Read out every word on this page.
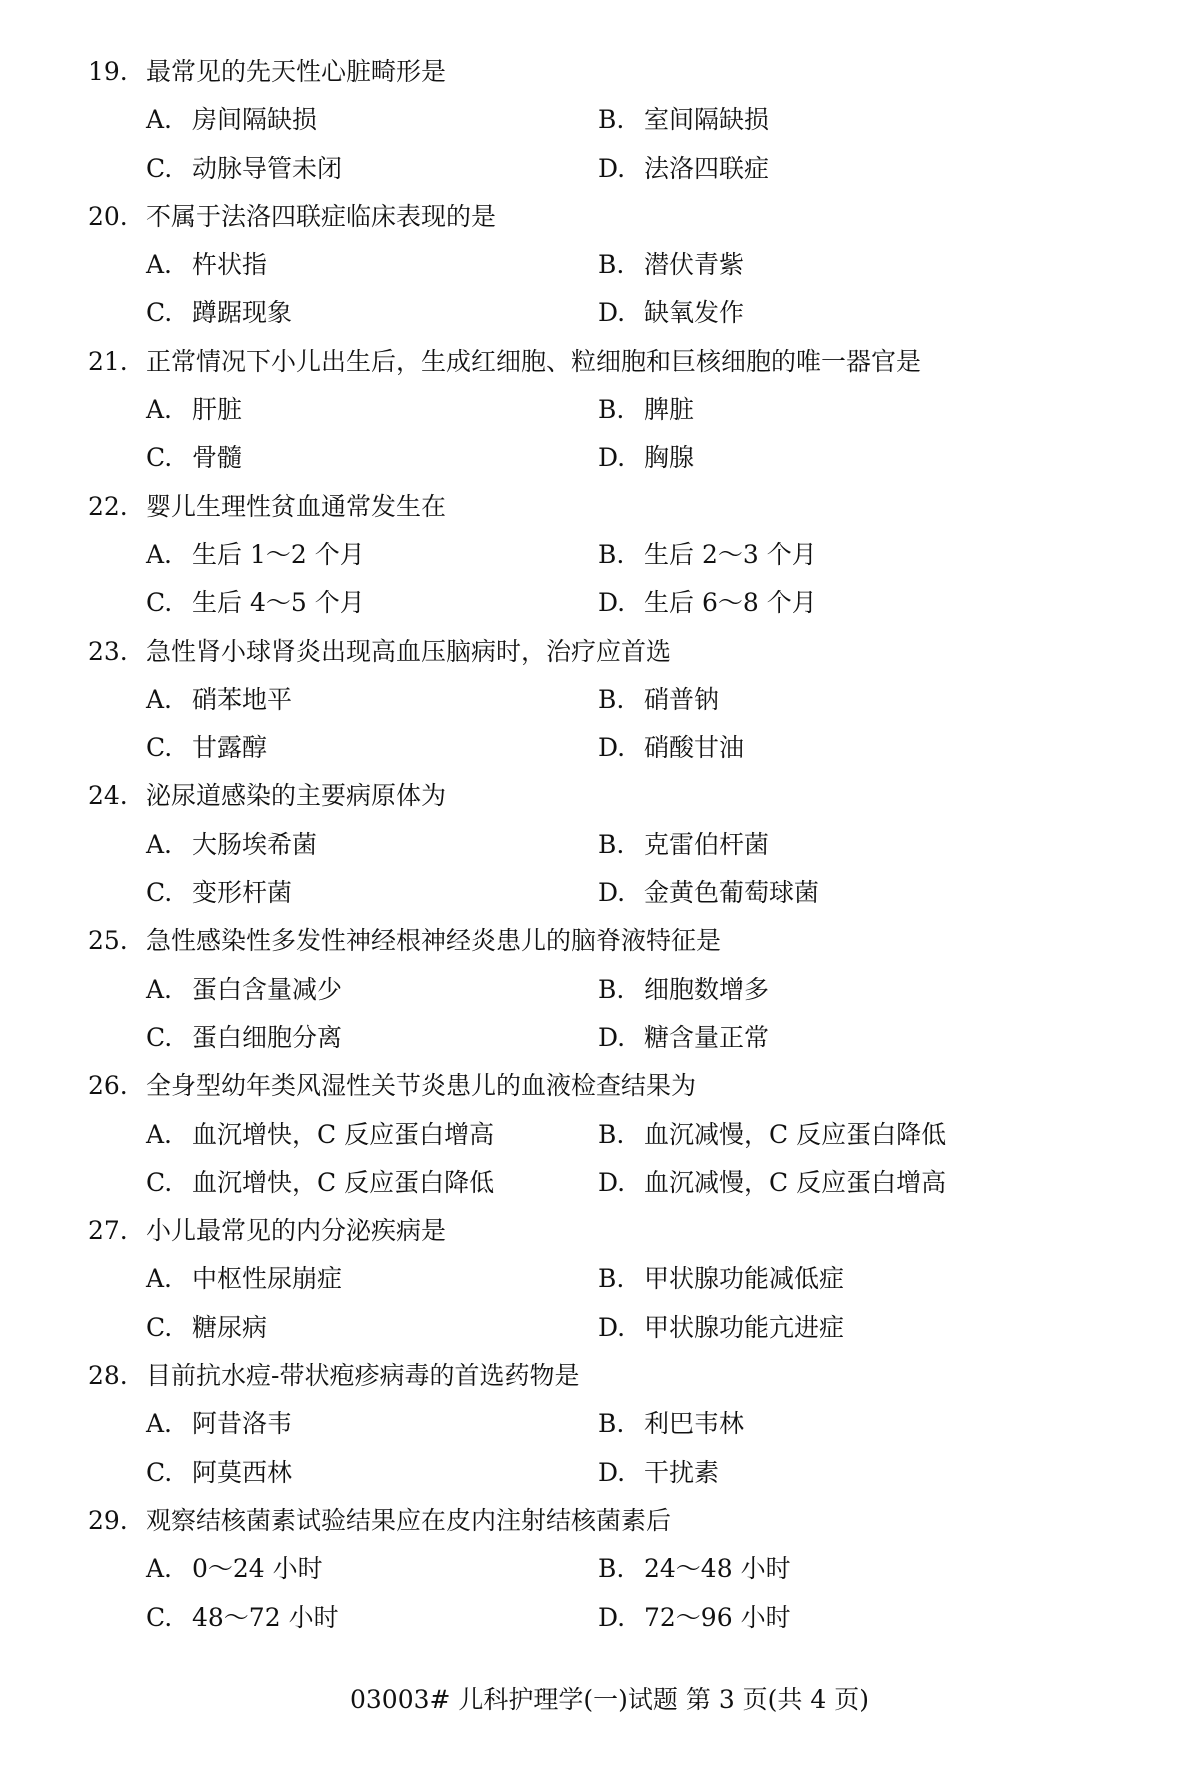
19. 最常见的先天性心脏畸形是
A. 房间隔缺损	B. 室间隔缺损
C. 动脉导管未闭	D. 法洛四联症
20. 不属于法洛四联症临床表现的是
A. 杵状指	B. 潜伏青紫
C. 蹲踞现象	D. 缺氧发作
21. 正常情况下小儿出生后，生成红细胞、粒细胞和巨核细胞的唯一器官是
A. 肝脏	B. 脾脏
C. 骨髓	D. 胸腺
22. 婴儿生理性贫血通常发生在
A. 生后 1～2 个月	B. 生后 2～3 个月
C. 生后 4～5 个月	D. 生后 6～8 个月
23. 急性肾小球肾炎出现高血压脑病时，治疗应首选
A. 硝苯地平	B. 硝普钠
C. 甘露醇	D. 硝酸甘油
24. 泌尿道感染的主要病原体为
A. 大肠埃希菌	B. 克雷伯杆菌
C. 变形杆菌	D. 金黄色葡萄球菌
25. 急性感染性多发性神经根神经炎患儿的脑脊液特征是
A. 蛋白含量减少	B. 细胞数增多
C. 蛋白细胞分离	D. 糖含量正常
26. 全身型幼年类风湿性关节炎患儿的血液检查结果为
A. 血沉增快，C 反应蛋白增高	B. 血沉减慢，C 反应蛋白降低
C. 血沉增快，C 反应蛋白降低	D. 血沉减慢，C 反应蛋白增高
27. 小儿最常见的内分泌疾病是
A. 中枢性尿崩症	B. 甲状腺功能减低症
C. 糖尿病	D. 甲状腺功能亢进症
28. 目前抗水痘-带状疱疹病毒的首选药物是
A. 阿昔洛韦	B. 利巴韦林
C. 阿莫西林	D. 干扰素
29. 观察结核菌素试验结果应在皮内注射结核菌素后
A. 0～24 小时	B. 24～48 小时
C. 48～72 小时	D. 72～96 小时
03003# 儿科护理学(一)试题 第 3 页(共 4 页)
